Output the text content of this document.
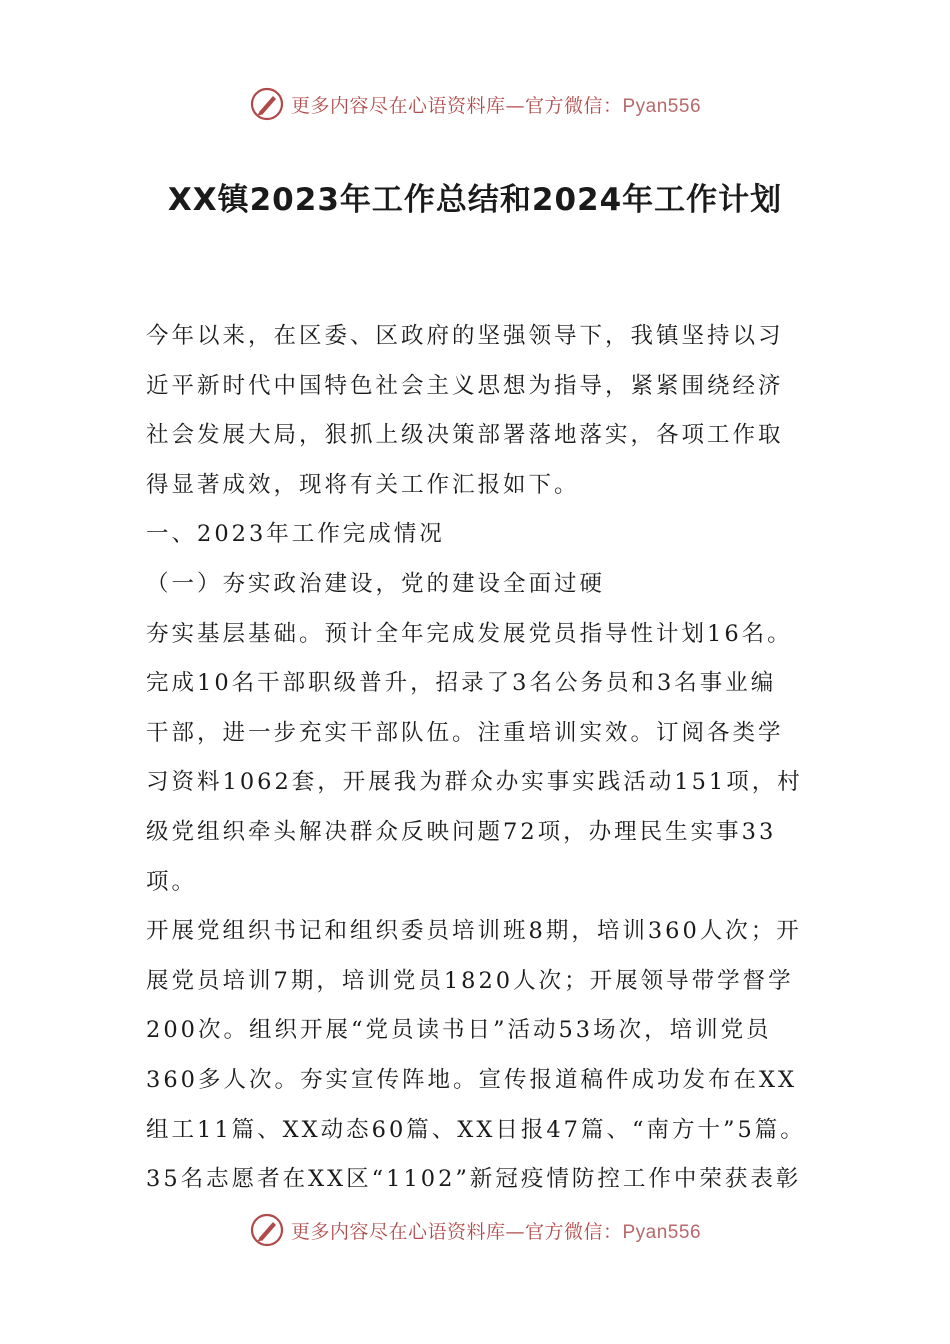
更多内容尽在心语资料库—官方微信：Pyan556
XX镇2023年工作总结和2024年工作计划

今年以来，在区委、区政府的坚强领导下，我镇坚持以习

近平新时代中国特色社会主义思想为指导，紧紧围绕经济

社会发展大局，狠抓上级决策部署落地落实，各项工作取

得显著成效，现将有关工作汇报如下。

一、2023年工作完成情况

（一）夯实政治建设，党的建设全面过硬

夯实基层基础。预计全年完成发展党员指导性计划16名。

完成10名干部职级普升，招录了3名公务员和3名事业编

干部，进一步充实干部队伍。注重培训实效。订阅各类学

习资料1062套，开展我为群众办实事实践活动151项，村

级党组织牵头解决群众反映问题72项，办理民生实事33项。

开展党组织书记和组织委员培训班8期，培训360人次；开

展党员培训7期，培训党员1820人次；开展领导带学督学

200次。组织开展“党员读书日”活动53场次，培训党员

360多人次。夯实宣传阵地。宣传报道稿件成功发布在XX

组工11篇、XX动态60篇、XX日报47篇、“南方十”5篇。

35名志愿者在XX区“1102”新冠疫情防控工作中荣获表彰

更多内容尽在心语资料库—官方微信：Pyan556
